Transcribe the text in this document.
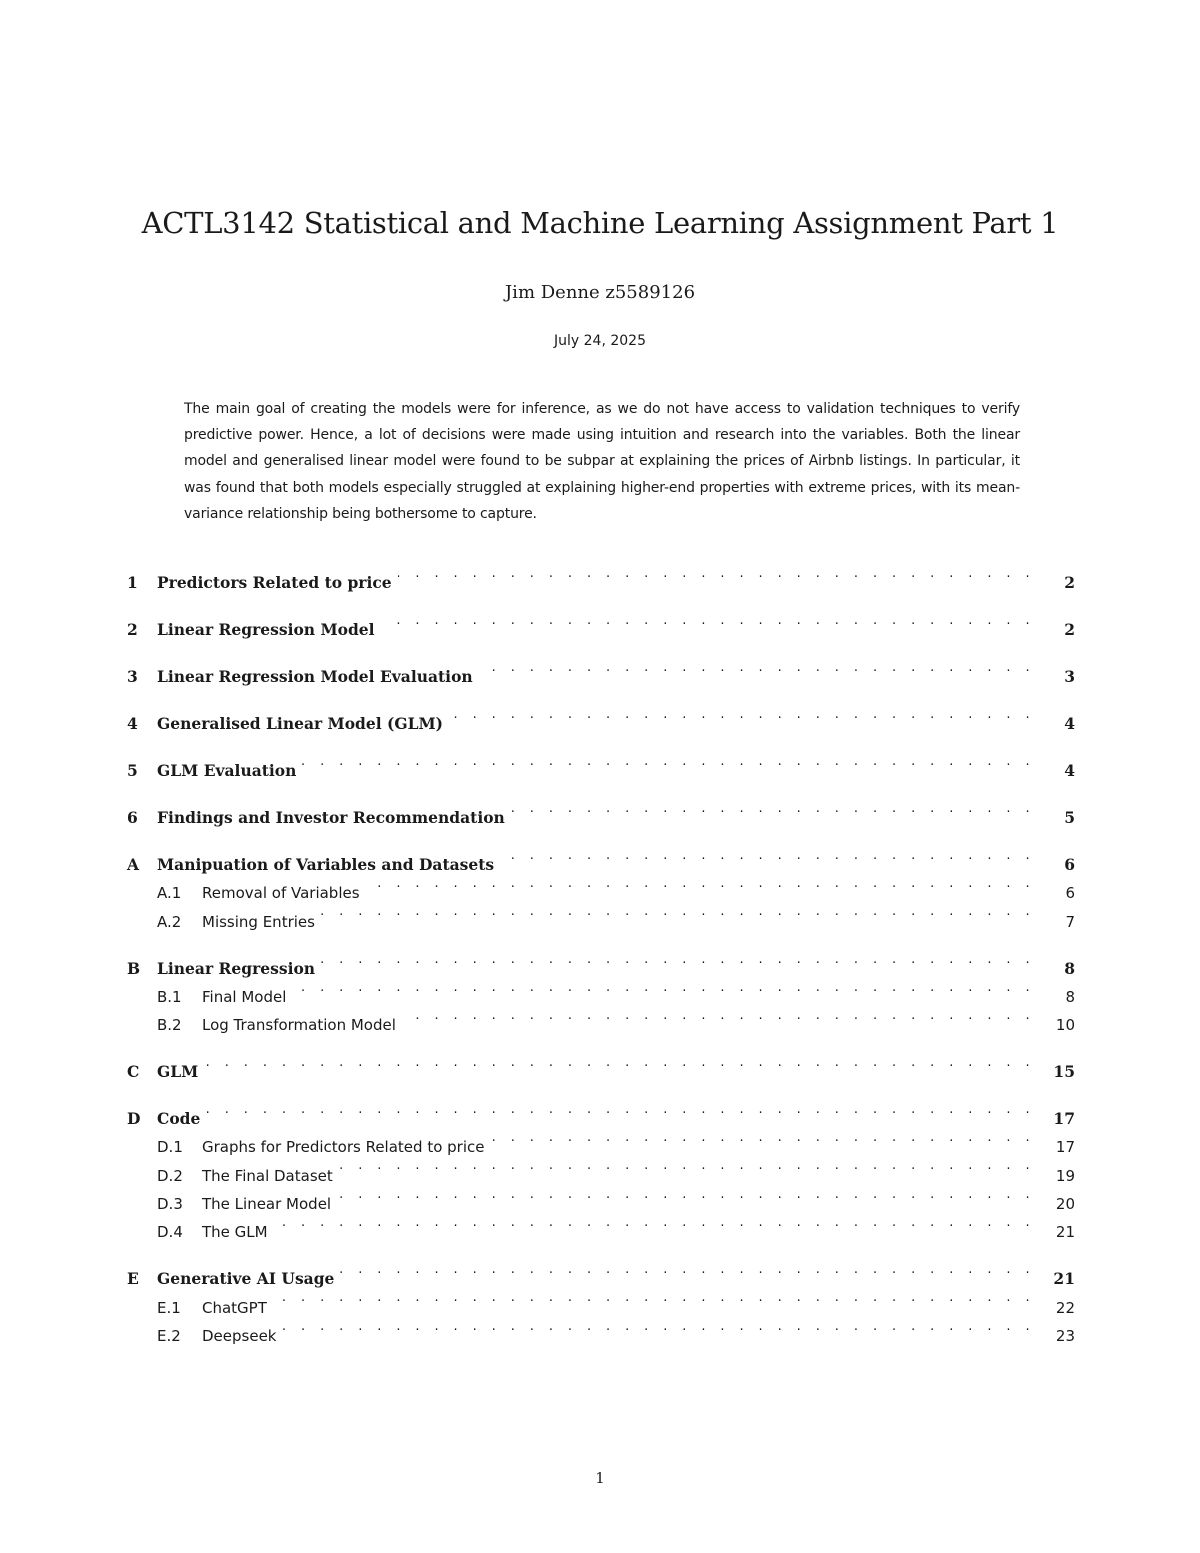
ACTL3142 Statistical and Machine Learning Assignment Part 1
Jim Denne z5589126
July 24, 2025

The main goal of creating the models were for inference, as we do not have access to validation techniques to verify predictive power. Hence, a lot of decisions were made using intuition and research into the variables. Both the linear model and generalised linear model were found to be subpar at explaining the prices of Airbnb listings. In particular, it was found that both models especially struggled at explaining higher-end properties with extreme prices, with its mean-variance relationship being bothersome to capture.

1	Predictors Related to price . . .	2
2	Linear Regression Model . . .	2
3	Linear Regression Model Evaluation . . .	3
4	Generalised Linear Model (GLM) . . .	4
5	GLM Evaluation . . .	4
6	Findings and Investor Recommendation . . .	5
A	Manipuation of Variables and Datasets . . .	6
A.1	Removal of Variables . . .	6
A.2	Missing Entries . . .	7
B	Linear Regression . . .	8
B.1	Final Model . . .	8
B.2	Log Transformation Model . . .	10
C	GLM . . .	15
D	Code . . .	17
D.1	Graphs for Predictors Related to price . . .	17
D.2	The Final Dataset . . .	19
D.3	The Linear Model . . .	20
D.4	The GLM . . .	21
E	Generative AI Usage . . .	21
E.1	ChatGPT . . .	22
E.2	Deepseek . . .	23
1
